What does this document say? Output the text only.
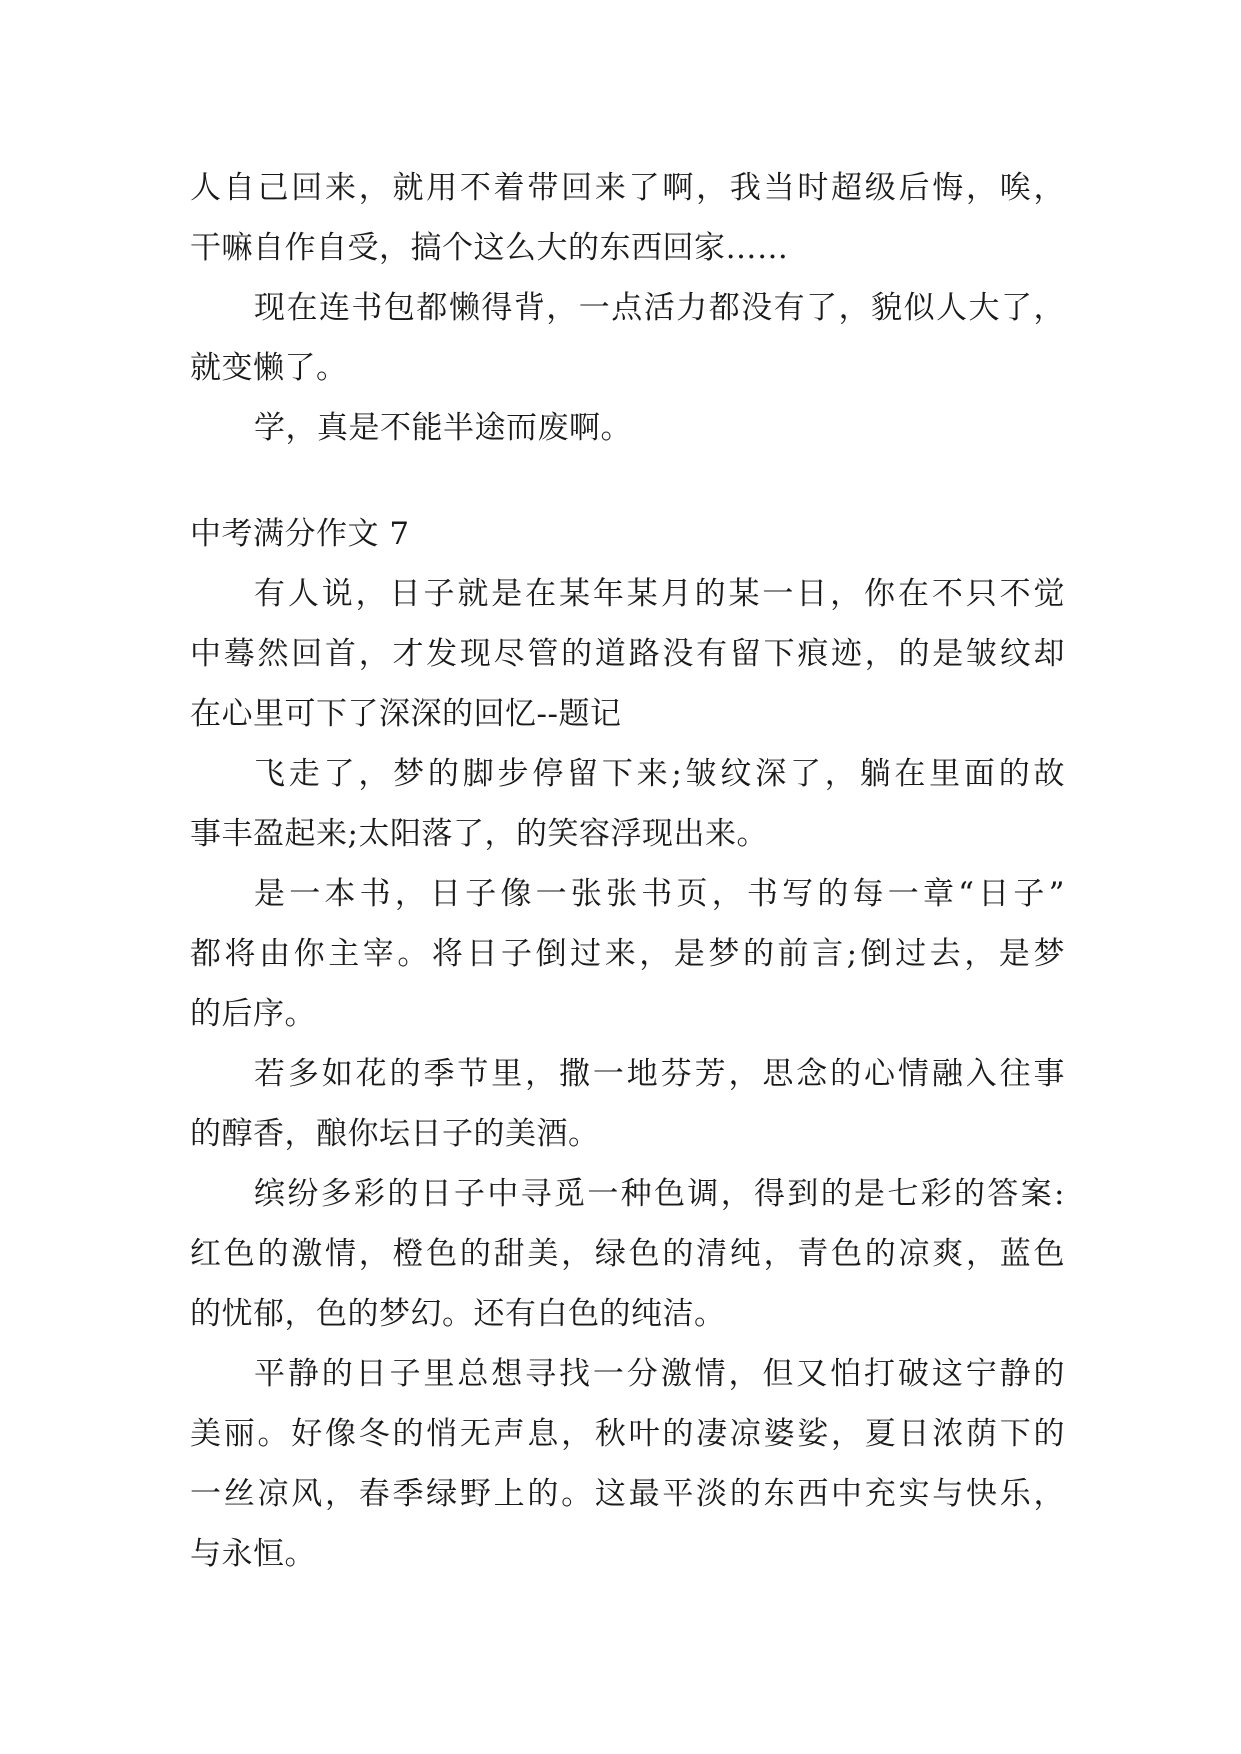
人自己回来，就用不着带回来了啊，我当时超级后悔，唉，
干嘛自作自受，搞个这么大的东西回家……
现在连书包都懒得背，一点活力都没有了，貌似人大了，
就变懒了。
学，真是不能半途而废啊。
中考满分作文 7
有人说，日子就是在某年某月的某一日，你在不只不觉
中蓦然回首，才发现尽管的道路没有留下痕迹，的是皱纹却
在心里可下了深深的回忆--题记
飞走了，梦的脚步停留下来;皱纹深了，躺在里面的故
事丰盈起来;太阳落了，的笑容浮现出来。
是一本书，日子像一张张书页，书写的每一章“日子”
都将由你主宰。将日子倒过来，是梦的前言;倒过去，是梦
的后序。
若多如花的季节里，撒一地芬芳，思念的心情融入往事
的醇香，酿你坛日子的美酒。
缤纷多彩的日子中寻觅一种色调，得到的是七彩的答案:
红色的激情，橙色的甜美，绿色的清纯，青色的凉爽，蓝色
的忧郁，色的梦幻。还有白色的纯洁。
平静的日子里总想寻找一分激情，但又怕打破这宁静的
美丽。好像冬的悄无声息，秋叶的凄凉婆娑，夏日浓荫下的
一丝凉风，春季绿野上的。这最平淡的东西中充实与快乐，
与永恒。
